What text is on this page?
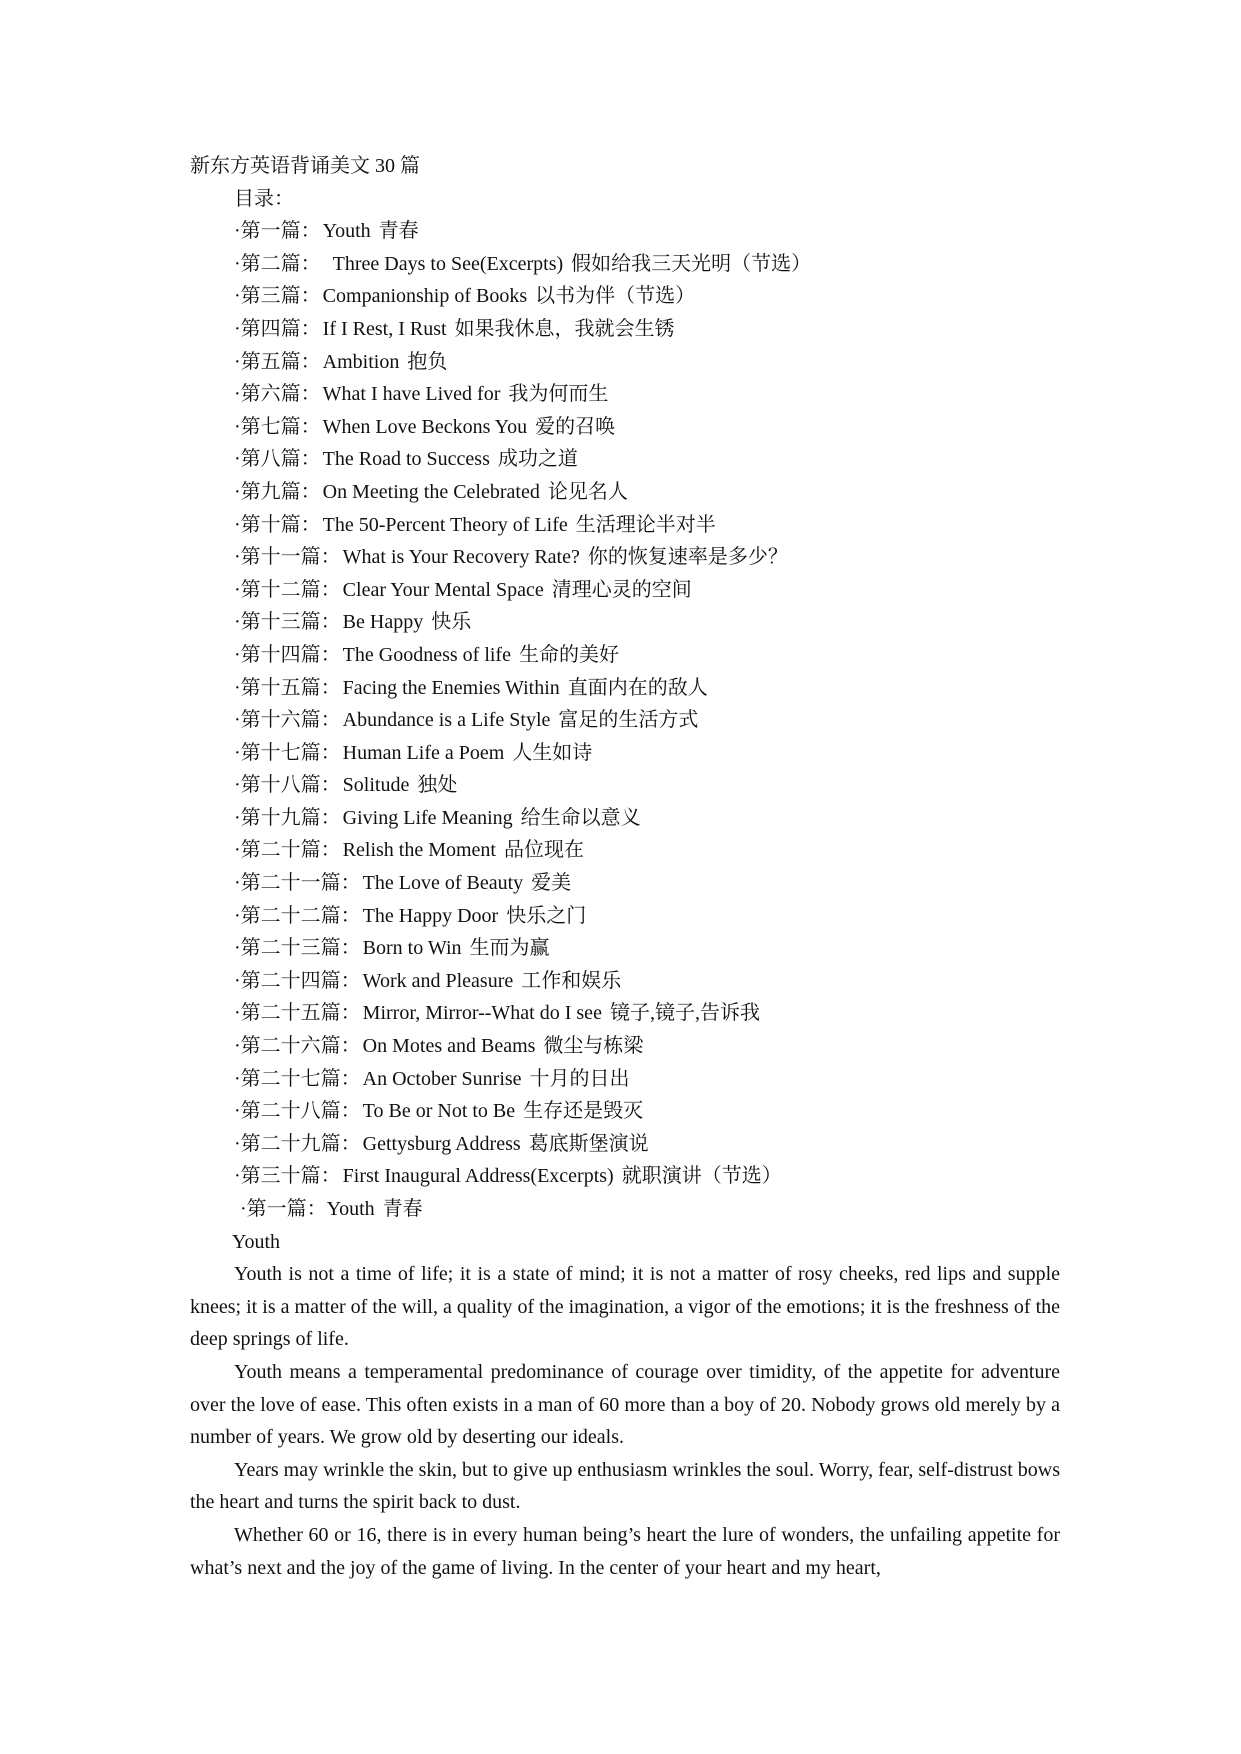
新东方英语背诵美文 30 篇
目录：
·第一篇： Youth 青春
·第二篇：  Three Days to See(Excerpts) 假如给我三天光明（节选）
·第三篇： Companionship of Books 以书为伴（节选）
·第四篇： If I Rest, I Rust 如果我休息，我就会生锈
·第五篇： Ambition 抱负
·第六篇： What I have Lived for 我为何而生
·第七篇： When Love Beckons You 爱的召唤
·第八篇： The Road to Success 成功之道
·第九篇： On Meeting the Celebrated 论见名人
·第十篇： The 50-Percent Theory of Life 生活理论半对半
·第十一篇： What is Your Recovery Rate? 你的恢复速率是多少？
·第十二篇： Clear Your Mental Space 清理心灵的空间
·第十三篇： Be Happy 快乐
·第十四篇： The Goodness of life 生命的美好
·第十五篇： Facing the Enemies Within 直面内在的敌人
·第十六篇： Abundance is a Life Style 富足的生活方式
·第十七篇： Human Life a Poem 人生如诗
·第十八篇： Solitude 独处
·第十九篇： Giving Life Meaning 给生命以意义
·第二十篇： Relish the Moment 品位现在
·第二十一篇： The Love of Beauty 爱美
·第二十二篇： The Happy Door 快乐之门
·第二十三篇： Born to Win 生而为赢
·第二十四篇： Work and Pleasure 工作和娱乐
·第二十五篇： Mirror, Mirror--What do I see 镜子,镜子,告诉我
·第二十六篇： On Motes and Beams 微尘与栋梁
·第二十七篇： An October Sunrise 十月的日出
·第二十八篇： To Be or Not to Be 生存还是毁灭
·第二十九篇： Gettysburg Address 葛底斯堡演说
·第三十篇： First Inaugural Address(Excerpts) 就职演讲（节选）
·第一篇：Youth 青春
Youth

Youth is not a time of life; it is a state of mind; it is not a matter of rosy cheeks, red lips and supple knees; it is a matter of the will, a quality of the imagination, a vigor of the emotions; it is the freshness of the deep springs of life.

Youth means a temperamental predominance of courage over timidity, of the appetite for adventure over the love of ease. This often exists in a man of 60 more than a boy of 20. Nobody grows old merely by a number of years. We grow old by deserting our ideals.

Years may wrinkle the skin, but to give up enthusiasm wrinkles the soul. Worry, fear, self-distrust bows the heart and turns the spirit back to dust.

Whether 60 or 16, there is in every human being’s heart the lure of wonders, the unfailing appetite for what’s next and the joy of the game of living. In the center of your heart and my heart,
